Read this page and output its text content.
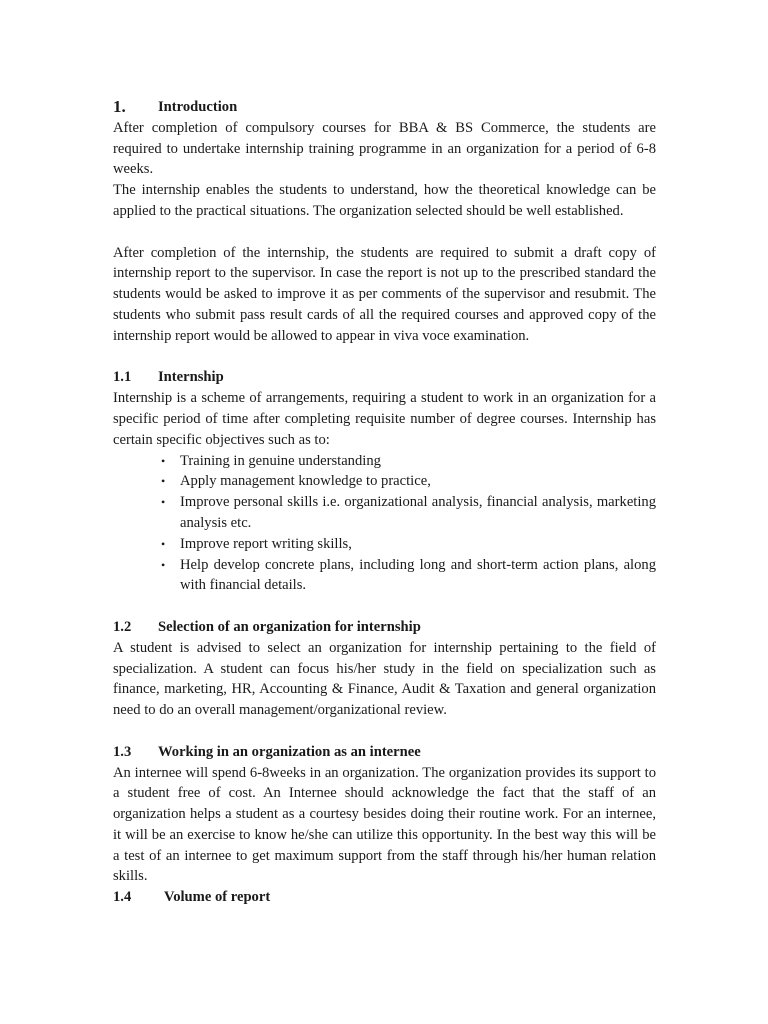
1.	Introduction

After completion of compulsory courses for BBA & BS Commerce, the students are required to undertake internship training programme in an organization for a period of 6-8 weeks.

The internship enables the students to understand, how the theoretical knowledge can be applied to the practical situations. The organization selected should be well established.

After completion of the internship, the students are required to submit a draft copy of internship report to the supervisor. In case the report is not up to the prescribed standard the students would be asked to improve it as per comments of the supervisor and resubmit. The students who submit pass result cards of all the required courses and approved copy of the internship report would be allowed to appear in viva voce examination.

1.1	Internship

Internship is a scheme of arrangements, requiring a student to work in an organization for a specific period of time after completing requisite number of degree courses. Internship has certain specific objectives such as to:

• Training in genuine understanding
• Apply management knowledge to practice,
• Improve personal skills i.e. organizational analysis, financial analysis, marketing analysis etc.
• Improve report writing skills,
• Help develop concrete plans, including long and short-term action plans, along with financial details.
1.2	Selection of an organization for internship

A student is advised to select an organization for internship pertaining to the field of specialization. A student can focus his/her study in the field on specialization such as finance, marketing, HR, Accounting & Finance, Audit & Taxation and general organization need to do an overall management/organizational review.

1.3	Working in an organization as an internee

An internee will spend 6-8weeks in an organization. The organization provides its support to a student free of cost. An Internee should acknowledge the fact that the staff of an organization helps a student as a courtesy besides doing their routine work. For an internee, it will be an exercise to know he/she can utilize this opportunity. In the best way this will be a test of an internee to get maximum support from the staff through his/her human relation skills.

1.4	Volume of report
